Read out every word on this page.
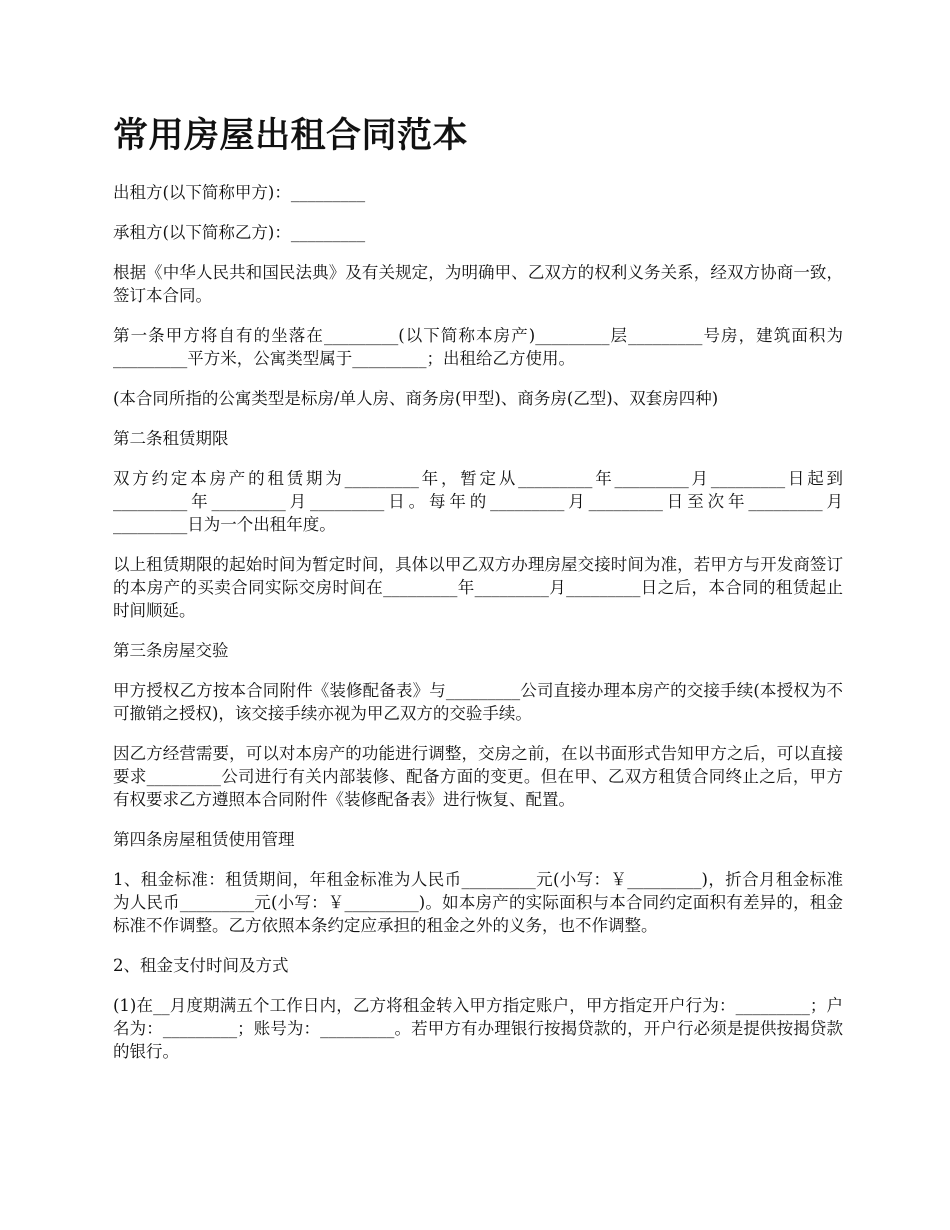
常用房屋出租合同范本

出租方(以下简称甲方)：_________

承租方(以下简称乙方)：_________

根据《中华人民共和国民法典》及有关规定，为明确甲、乙双方的权利义务关系，经双方协商一致，签订本合同。

第一条甲方将自有的坐落在_________(以下简称本房产)_________层_________号房，建筑面积为_________平方米，公寓类型属于_________；出租给乙方使用。

(本合同所指的公寓类型是标房/单人房、商务房(甲型)、商务房(乙型)、双套房四种)

第二条租赁期限

双方约定本房产的租赁期为_________年，暂定从_________年_________月_________日起到_________年_________月_________日。每年的_________月_________日至次年_________月_________日为一个出租年度。

以上租赁期限的起始时间为暂定时间，具体以甲乙双方办理房屋交接时间为准，若甲方与开发商签订的本房产的买卖合同实际交房时间在_________年_________月_________日之后，本合同的租赁起止时间顺延。

第三条房屋交验

甲方授权乙方按本合同附件《装修配备表》与_________公司直接办理本房产的交接手续(本授权为不可撤销之授权)，该交接手续亦视为甲乙双方的交验手续。

因乙方经营需要，可以对本房产的功能进行调整，交房之前，在以书面形式告知甲方之后，可以直接要求_________公司进行有关内部装修、配备方面的变更。但在甲、乙双方租赁合同终止之后，甲方有权要求乙方遵照本合同附件《装修配备表》进行恢复、配置。

第四条房屋租赁使用管理

1、租金标准：租赁期间，年租金标准为人民币_________元(小写：￥_________)，折合月租金标准为人民币_________元(小写：￥_________)。如本房产的实际面积与本合同约定面积有差异的，租金标准不作调整。乙方依照本条约定应承担的租金之外的义务，也不作调整。

2、租金支付时间及方式

(1)在__月度期满五个工作日内，乙方将租金转入甲方指定账户，甲方指定开户行为：_________；户名为：_________；账号为：_________。若甲方有办理银行按揭贷款的，开户行必须是提供按揭贷款的银行。
